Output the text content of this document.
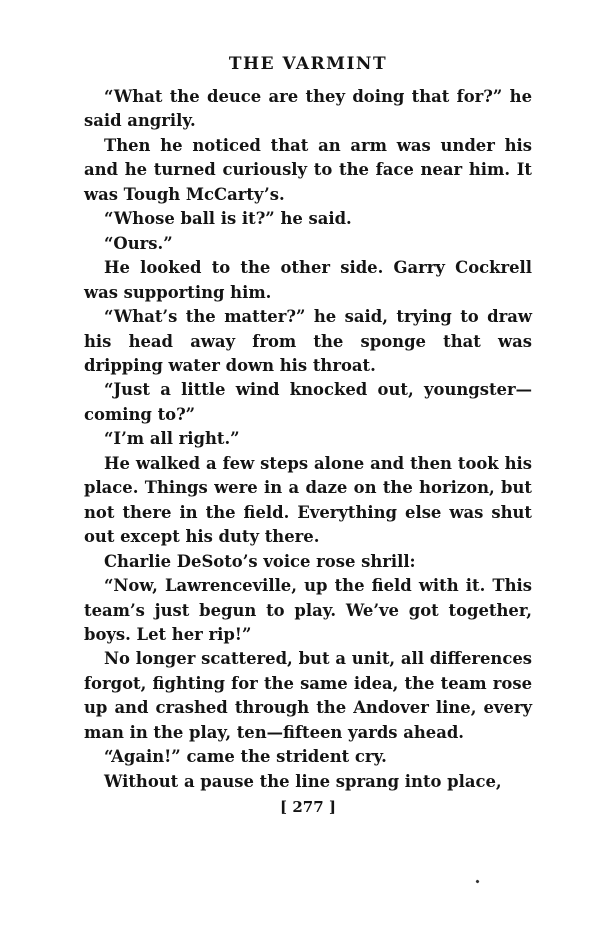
THE VARMINT

“What the deuce are they doing that for?” he said angrily.

Then he noticed that an arm was under his and he turned curiously to the face near him. It was Tough McCarty’s.

“Whose ball is it?” he said.

“Ours.”

He looked to the other side. Garry Cockrell was supporting him.

“What’s the matter?” he said, trying to draw his head away from the sponge that was dripping water down his throat.

“Just a little wind knocked out, youngster— coming to?”

“I’m all right.”

He walked a few steps alone and then took his place. Things were in a daze on the horizon, but not there in the field. Everything else was shut out except his duty there.

Charlie DeSoto’s voice rose shrill:

“Now, Lawrenceville, up the field with it. This team’s just begun to play. We’ve got together, boys. Let her rip!”

No longer scattered, but a unit, all differences forgot, fighting for the same idea, the team rose up and crashed through the Andover line, every man in the play, ten—fifteen yards ahead.

“Again!” came the strident cry.

Without a pause the line sprang into place,

[ 277 ]
